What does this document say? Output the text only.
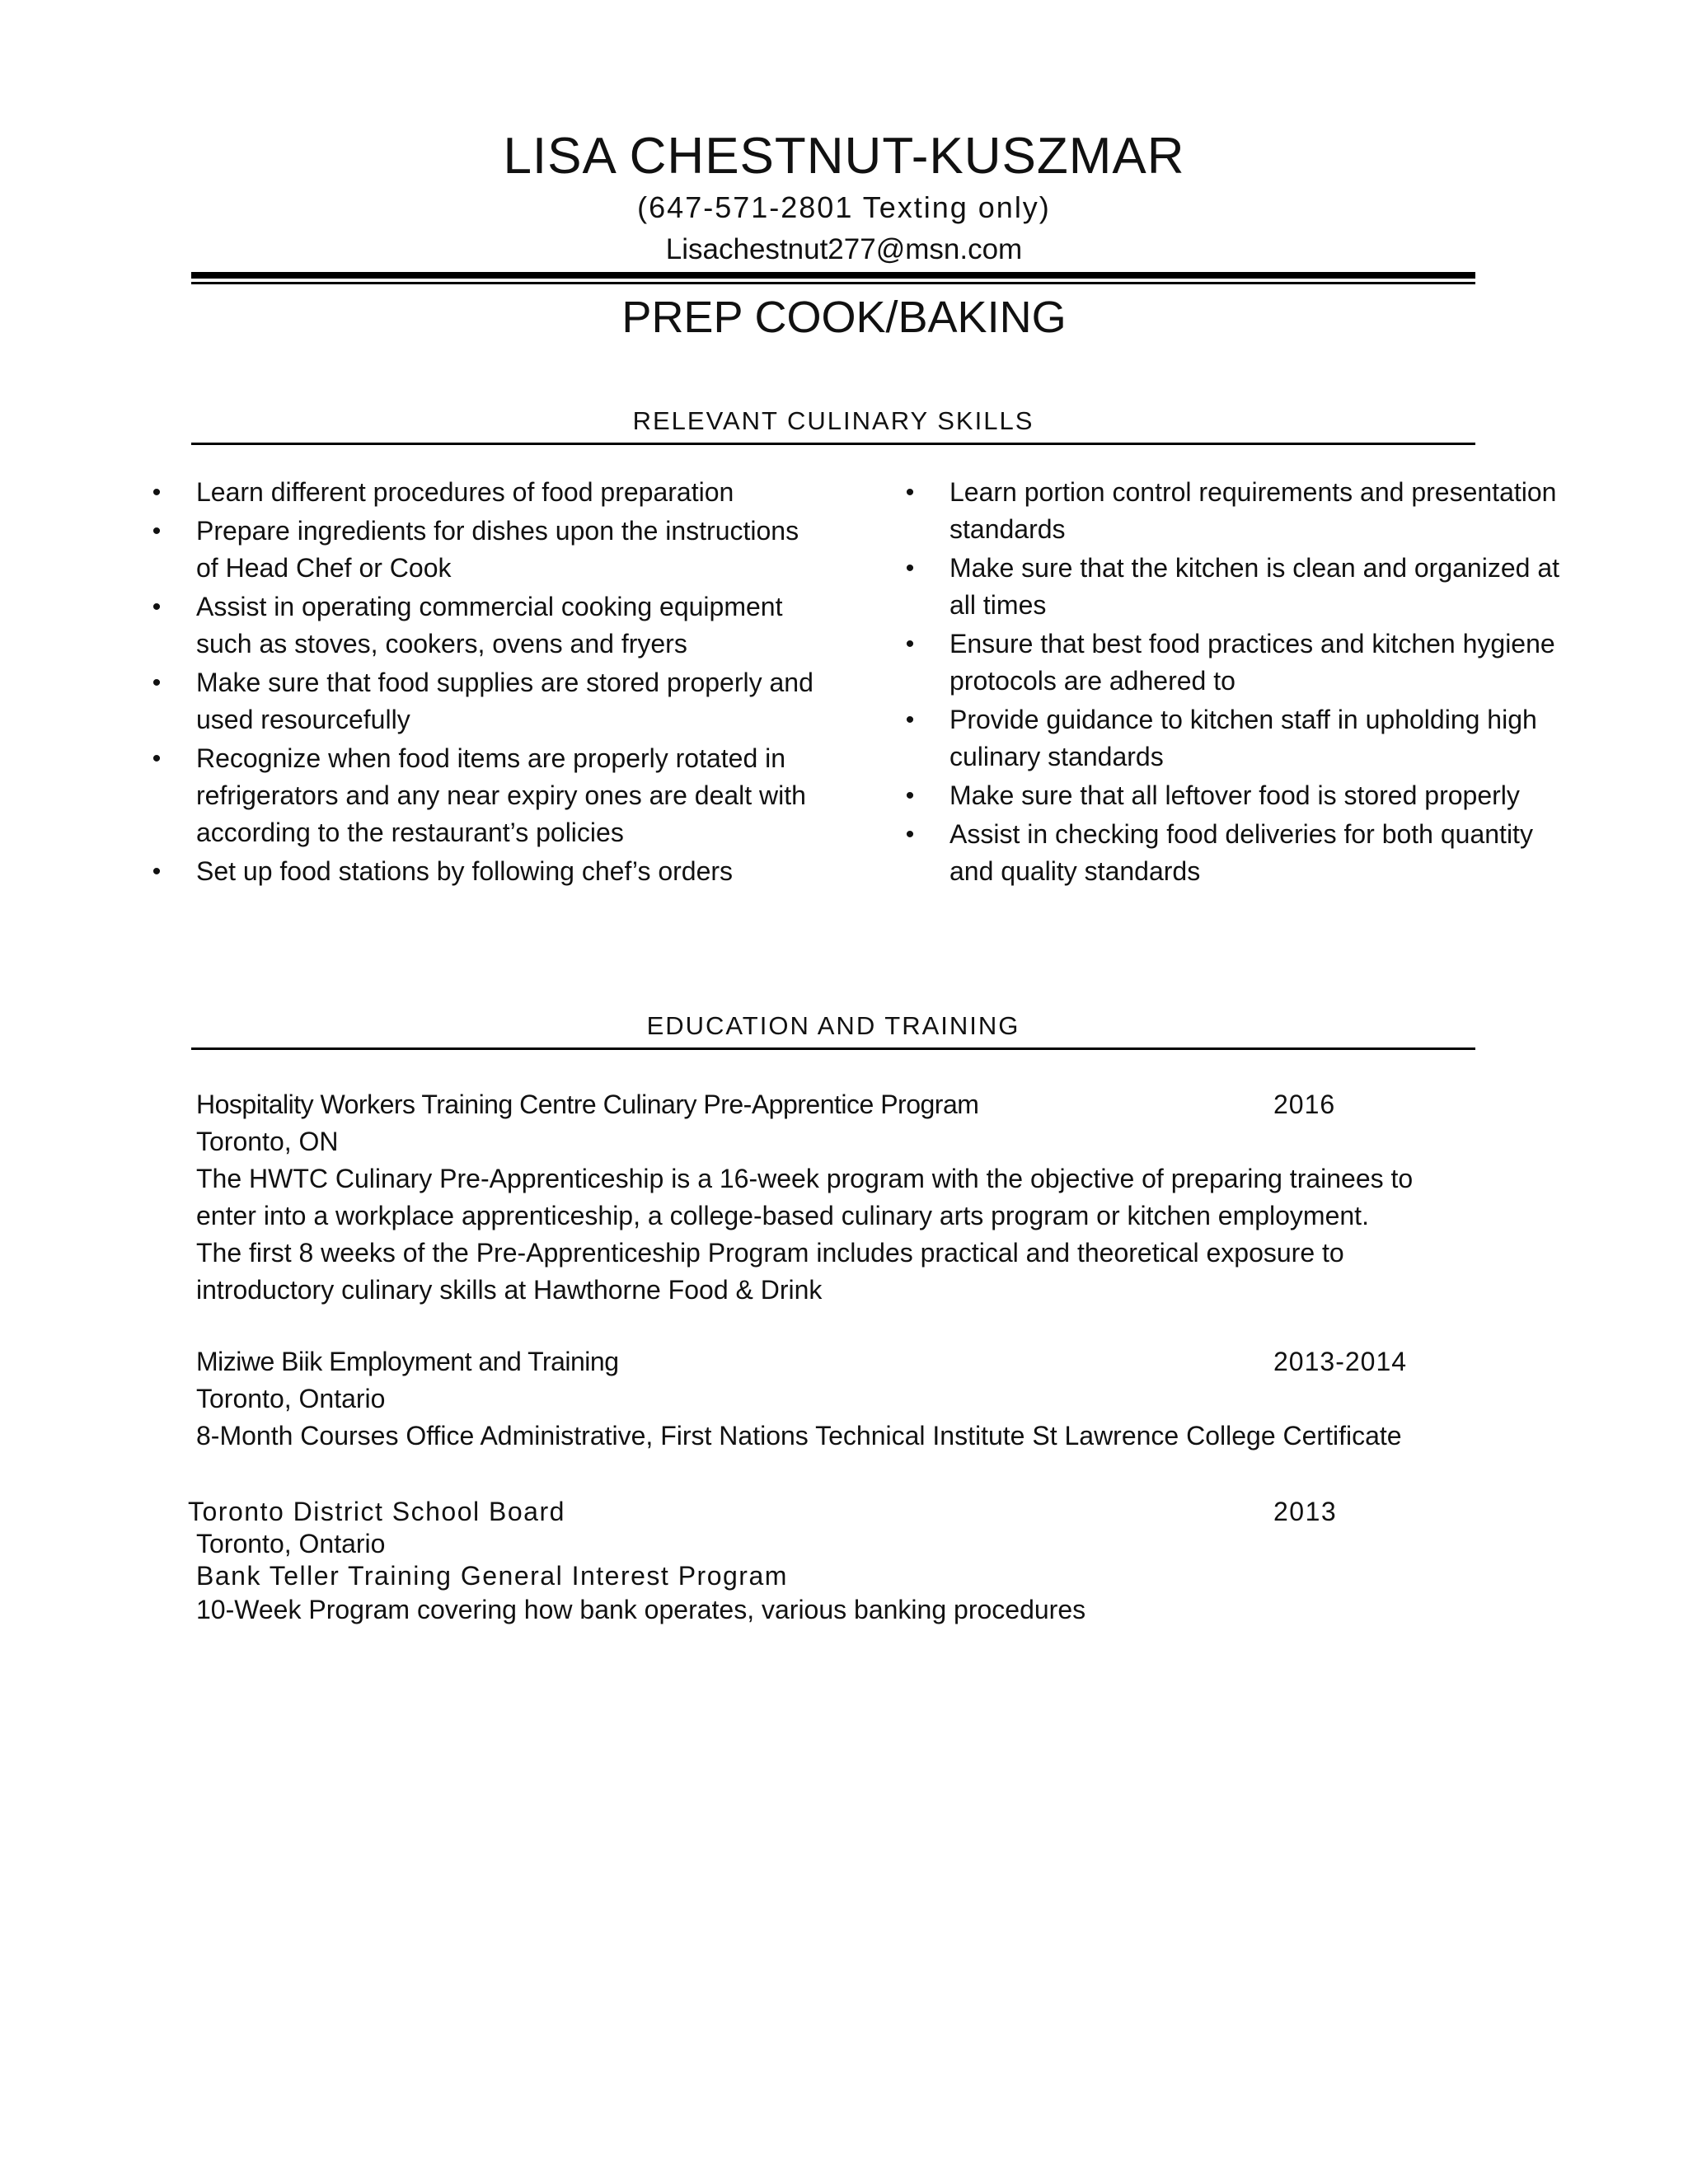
LISA CHESTNUT-KUSZMAR
(647-571-2801 Texting only)
Lisachestnut277@msn.com
PREP COOK/BAKING
RELEVANT CULINARY SKILLS
• Learn different procedures of food preparation
• Prepare ingredients for dishes upon the instructions of Head Chef or Cook
• Assist in operating commercial cooking equipment such as stoves, cookers, ovens and fryers
• Make sure that food supplies are stored properly and used resourcefully
• Recognize when food items are properly rotated in refrigerators and any near expiry ones are dealt with according to the restaurant’s policies
• Set up food stations by following chef’s orders
• Learn portion control requirements and presentation standards
• Make sure that the kitchen is clean and organized at all times
• Ensure that best food practices and kitchen hygiene protocols are adhered to
• Provide guidance to kitchen staff in upholding high culinary standards
• Make sure that all leftover food is stored properly
• Assist in checking food deliveries for both quantity and quality standards
EDUCATION AND TRAINING
Hospitality Workers Training Centre Culinary Pre-Apprentice Program	2016
Toronto, ON
The HWTC Culinary Pre-Apprenticeship is a 16-week program with the objective of preparing trainees to
enter into a workplace apprenticeship, a college-based culinary arts program or kitchen employment.
The first 8 weeks of the Pre-Apprenticeship Program includes practical and theoretical exposure to
introductory culinary skills at Hawthorne Food & Drink
Miziwe Biik Employment and Training	2013-2014
Toronto, Ontario
8-Month Courses Office Administrative, First Nations Technical Institute St Lawrence College Certificate
Toronto District School Board	2013
Toronto, Ontario
Bank Teller Training General Interest Program
10-Week Program covering how bank operates, various banking procedures
